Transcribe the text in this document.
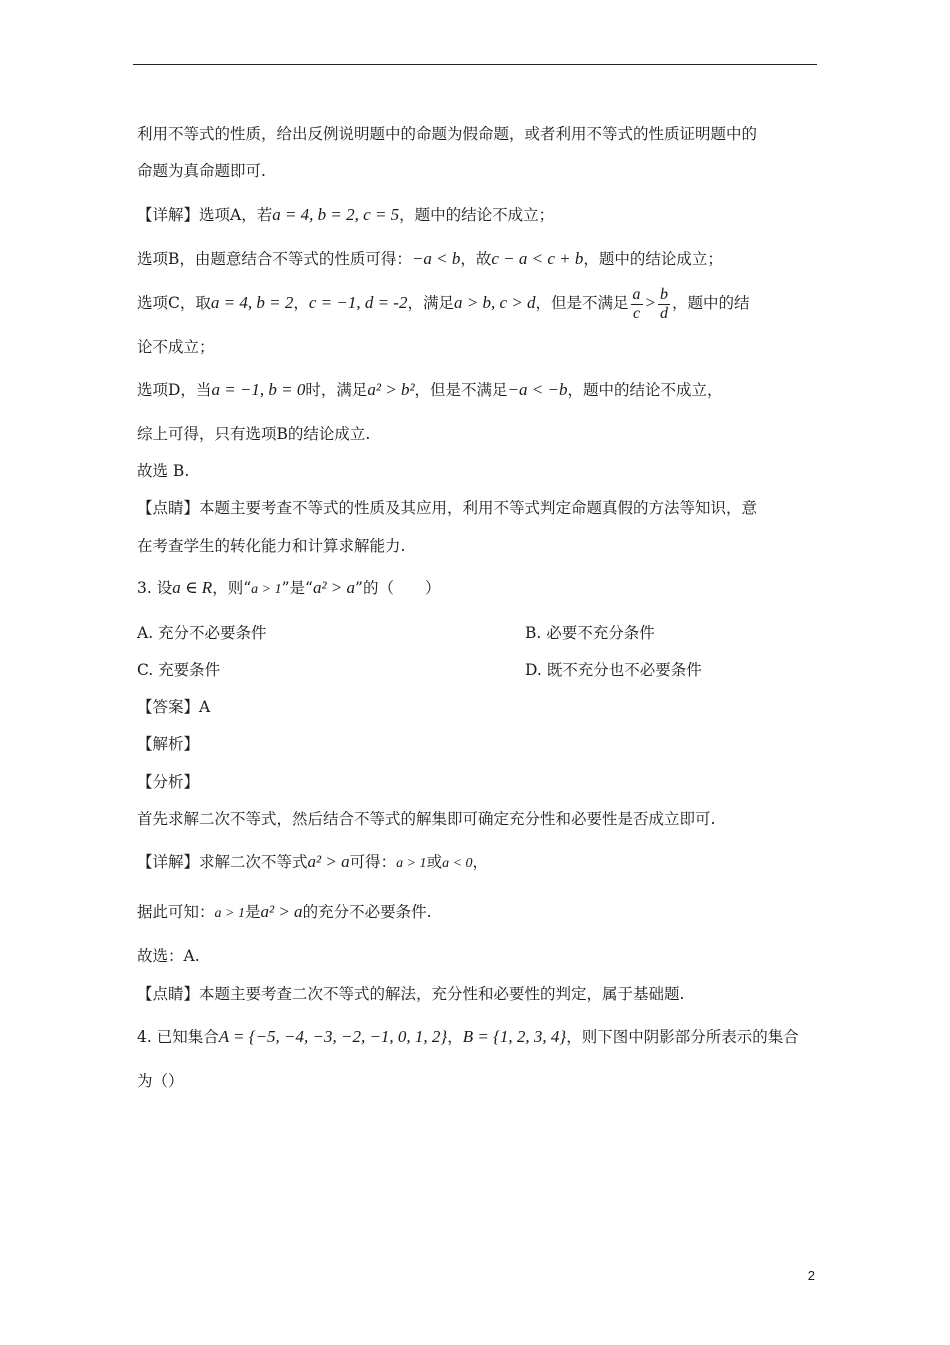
利用不等式的性质，给出反例说明题中的命题为假命题，或者利用不等式的性质证明题中的
命题为真命题即可.
【详解】选项A，若a = 4, b = 2, c = 5，题中的结论不成立；
选项B，由题意结合不等式的性质可得：−a < b，故c − a < c + b，题中的结论成立；
选项C，取a = 4, b = 2，c = −1, d = -2，满足a > b, c > d，但是不满足 $\frac{a}{c} > \frac{b}{d}$ ，题中的结
论不成立；
选项D，当a = −1, b = 0时，满足a² > b²，但是不满足−a < −b，题中的结论不成立，
综上可得，只有选项B的结论成立.
故选 B.
【点睛】本题主要考查不等式的性质及其应用，利用不等式判定命题真假的方法等知识，意
在考查学生的转化能力和计算求解能力.
3. 设a ∈ R，则“a > 1”是“a² > a”的（　　）
A. 充分不必要条件	B. 必要不充分条件
C. 充要条件	D. 既不充分也不必要条件
【答案】A
【解析】
【分析】
首先求解二次不等式，然后结合不等式的解集即可确定充分性和必要性是否成立即可.
【详解】求解二次不等式a² > a可得：a > 1或a < 0，
据此可知：a > 1是a² > a的充分不必要条件.
故选：A.
【点睛】本题主要考查二次不等式的解法，充分性和必要性的判定，属于基础题.
4. 已知集合A = {−5, −4, −3, −2, −1, 0, 1, 2}，B = {1, 2, 3, 4}，则下图中阴影部分所表示的集合
为（）
2
